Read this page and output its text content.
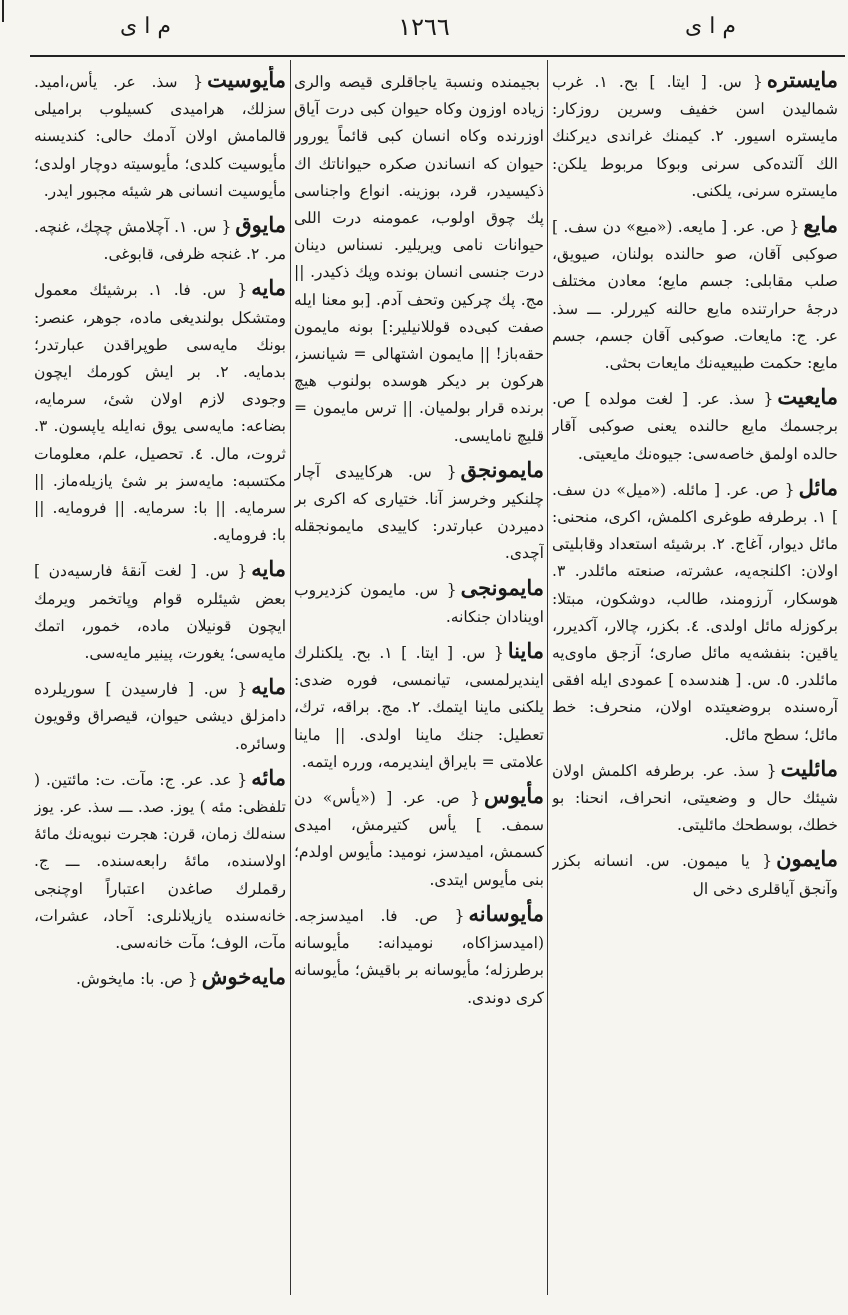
م ا ى
١٢٦٦
م ا ى

مایستره{ س. [ ایتا. ] بح. ١. غرب شمالیدن اسن خفیف وسرین روزکار: مایستره اسیور. ٢. کیمنك غراندی دیرکنك الك آلتده‌کی سرنی وبوکا مربوط یلکن: مایستره سرنی، یلکنی.

مایع{ ص. عر. [ مایعه. («میع» دن سف. ] صوکبی آقان، صو حالنده بولنان، صیویق، صلب مقابلی: جسم مایع؛ معادن مختلف درجهٔ حرارتنده مایع حالنه کیررلر. ـــ سذ. عر. ج: مایعات. صوکبی آقان جسم، جسم مایع: حکمت طبیعیه‌نك مایعات بحثی.

مایعیت{ سذ. عر. [ لغت مولده ] ص. برجسمك مایع حالنده یعنی صوکبی آقار حالده اولمق خاصه‌سی: جیوه‌نك مایعیتی.

مائل{ ص. عر. [ مائله. («میل» دن سف. ] ١. برطرفه طوغری اکلمش، اکری، منحنی: مائل دیوار، آغاج. ٢. برشیئه استعداد وقابلیتی اولان: اکلنجه‌یه، عشرته، صنعته مائلدر. ٣. هوسکار، آرزومند، طالب، دوشکون، مبتلا: برکوزله مائل اولدی. ٤. بکزر، چالار، آکدیرر، یاقین: بنفشه‌یه مائل صاری؛ آزجق ماوی‌یه مائلدر. ٥. س. [ هندسده ] عمودی ایله افقی آره‌سنده بروضعیتده اولان، منحرف: خط مائل؛ سطح مائل.

مائلیت{ سذ. عر. برطرفه اکلمش اولان شیئك حال و وضعیتی، انحراف، انحنا: بو خطك، بوسطحك مائلیتی.

مایمون{ یا میمون. س. انسانه بکزر وآنجق آیاقلری دخی ال

بجیمنده ونسبة یاجاقلری قیصه والری زیاده اوزون وکاه حیوان کبی درت آیاق اوزرنده وکاه انسان کبی قائماً یورور حیوان که انساندن صکره حیواناتك اك ذکیسیدر، قرد، بوزینه. انواع واجناسی پك چوق اولوب، عمومنه درت اللی حیوانات نامی ویریلیر. نسناس دینان درت جنسی انسان بونده وپك ذکیدر. || مج. پك چرکین وتحف آدم. [بو معنا ایله صفت کبی‌ده قوللانیلیر:] بونه مایمون حقه‌باز! || مایمون اشتهالی = شیانسز، هرکون بر دیکر هوسده بولنوب هیچ برنده قرار بولمیان. || ترس مایمون = قلیچ نامایسی.

مایمونجق{ س. هرکاییدی آچار چلنکیر وخرسز آنا. ختیاری که اکری بر دمیردن عبارتدر: کاییدی مایمونجقله آچدی.

مایمونجی{ س. مایمون کزدیروب اوینادان جنکانه.

ماینا{ س. [ ایتا. ] ١. بح. یلکنلرك ایندیرلمسی، تیانمسی، فوره ضدی: یلکنی ماینا ایتمك. ٢. مج. براقه، ترك، تعطیل: جنك ماینا اولدی. || ماینا علامتی = بایراق ایندیرمه، ورره ایتمه.

مأیوس{ ص. عر. [ («یأس» دن سمف. ] یأس کتیرمش، امیدی کسمش، امیدسز، نومید: مأیوس اولدم؛ بنی مأیوس ایتدی.

مأیوسانه{ ص. فا. امیدسزجه. (امیدسزاکاه، نومیدانه: مأیوسانه برطرزله؛ مأیوسانه بر باقیش؛ مأیوسانه کری دوندی.

مأیوسیت{ سذ. عر. یأس،امید. سزلك، هرامیدی کسیلوب برامیلی قالمامش اولان آدمك حالی: کندیسنه مأیوسیت کلدی؛ مأیوسیته دوچار اولدی؛ مأیوسیت انسانی هر شیئه مجبور ایدر.

مایوق{ س. ١. آچلامش چچك، غنچه. مر. ٢. غنجه ظرفی، قابوغی.

مایه{ س. فا. ١. برشیئك معمول ومتشکل بولندیغی ماده، جوهر، عنصر: بونك مایه‌سی طوپراقدن عبارتدر؛ بدمایه. ٢. بر ایش کورمك ایچون وجودی لازم اولان شیٔ، سرمایه، بضاعه: مایه‌سی یوق نه‌ایله یاپسون. ٣. ثروت، مال. ٤. تحصیل، علم، معلومات مکتسبه: مایه‌سز بر شیٔ یازیله‌ماز. || سرمایه. || با: سرمایه. || فرومایه. || با: فرومایه.

مایه{ س. [ لغت آنقهٔ فارسیه‌دن ] بعض شیئلره قوام وپاتخمر ویرمك ایچون قونیلان ماده، خمور، اتمك مایه‌سی؛ یغورت، پینیر مایه‌سی.

مایه{ س. [ فارسیدن ] سوریلرده دامزلق دیشی حیوان، قیصراق وقویون وسائره.

مائه{ عد. عر. ج: مآت. ت: مائتین. ( تلفظی: مئه ) یوز. صد. ـــ سذ. عر. یوز سنه‌لك زمان، قرن: هجرت نبویه‌نك مائهٔ اولاسنده، مائهٔ رابعه‌سنده. ـــ ج. رقملرك صاغدن اعتباراً اوچنجی خانه‌سنده یازیلانلری: آحاد، عشرات، مآت، الوف؛ مآت خانه‌سی.

مایه‌خوش{ ص. با: مایخوش.
